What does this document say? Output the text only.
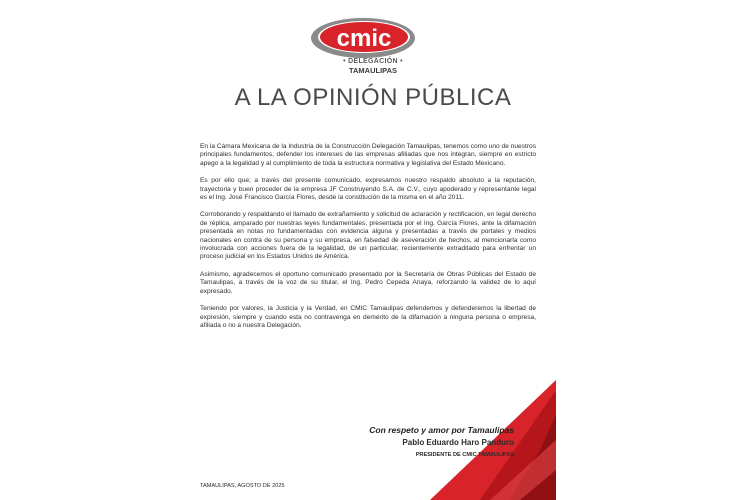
cmic
• DELEGACIÓN •
TAMAULIPAS
A LA OPINIÓN PÚBLICA

En la Cámara Mexicana de la Industria de la Construcción Delegación Tamaulipas, tenemos como uno de nuestros principales fundamentos, defender los intereses de las empresas afiliadas que nos integran, siempre en estricto apego a la legalidad y al cumplimiento de toda la estructura normativa y legislativa del Estado Mexicano.

Es por ello que; a través del presente comunicado, expresamos nuestro respaldo absoluto a la reputación, trayectoria y buen proceder de la empresa JF Construyendo S.A. de C.V., cuyo apoderado y representante legal es el Ing. José Francisco García Flores, desde la constitución de la misma en el año 2011.

Corroborando y respaldando el llamado de extrañamiento y solicitud de aclaración y rectificación, en legal derecho de réplica, amparado por nuestras leyes fundamentales, presentada por el Ing. García Flores, ante la difamación presentada en notas no fundamentadas con evidencia alguna y presentadas a través de portales y medios nacionales en contra de su persona y su empresa, en falsedad de aseveración de hechos, al mencionarla como involucrada con acciones fuera de la legalidad, de un particular, recientemente extraditado para enfrentar un proceso judicial en los Estados Unidos de América.

Asimismo, agradecemos el oportuno comunicado presentado por la Secretaría de Obras Públicas del Estado de Tamaulipas, a través de la voz de su titular, el Ing. Pedro Cepeda Anaya, reforzando la validez de lo aquí expresado.

Teniendo por valores, la Justicia y la Verdad, en CMIC Tamaulipas defendemos y defenderemos la libertad de expresión, siempre y cuando esta no contravenga en demérito de la difamación a ninguna persona o empresa, afiliada o no a nuestra Delegación.

Con respeto y amor por Tamaulipas
Pablo Eduardo Haro Panduro
PRESIDENTE DE CMIC TAMAULIPAS
TAMAULIPAS, AGOSTO DE 2025
